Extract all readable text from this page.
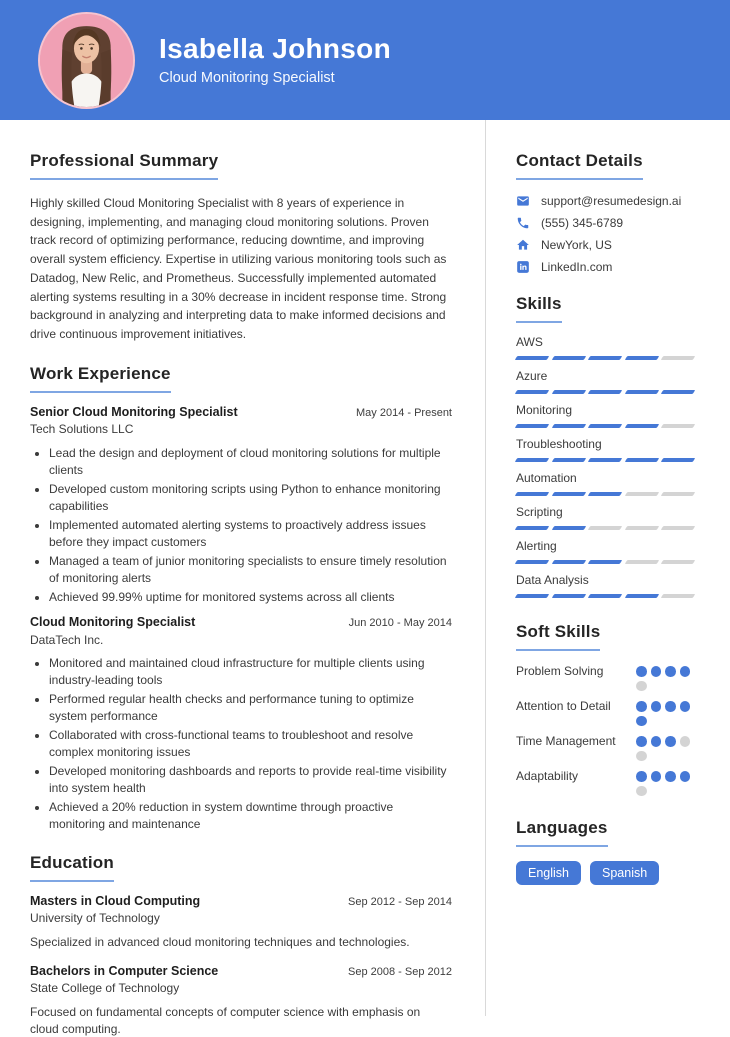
Isabella Johnson
Cloud Monitoring Specialist
Professional Summary

Highly skilled Cloud Monitoring Specialist with 8 years of experience in designing, implementing, and managing cloud monitoring solutions. Proven track record of optimizing performance, reducing downtime, and improving overall system efficiency. Expertise in utilizing various monitoring tools such as Datadog, New Relic, and Prometheus. Successfully implemented automated alerting systems resulting in a 30% decrease in incident response time. Strong background in analyzing and interpreting data to make informed decisions and drive continuous improvement initiatives.

Work Experience
Senior Cloud Monitoring Specialist	May 2014 - Present
Tech Solutions LLC
• Lead the design and deployment of cloud monitoring solutions for multiple clients
• Developed custom monitoring scripts using Python to enhance monitoring capabilities
• Implemented automated alerting systems to proactively address issues before they impact customers
• Managed a team of junior monitoring specialists to ensure timely resolution of monitoring alerts
• Achieved 99.99% uptime for monitored systems across all clients
Cloud Monitoring Specialist	Jun 2010 - May 2014
DataTech Inc.
• Monitored and maintained cloud infrastructure for multiple clients using industry-leading tools
• Performed regular health checks and performance tuning to optimize system performance
• Collaborated with cross-functional teams to troubleshoot and resolve complex monitoring issues
• Developed monitoring dashboards and reports to provide real-time visibility into system health
• Achieved a 20% reduction in system downtime through proactive monitoring and maintenance
Education
Masters in Cloud Computing	Sep 2012 - Sep 2014
University of Technology

Specialized in advanced cloud monitoring techniques and technologies.

Bachelors in Computer Science	Sep 2008 - Sep 2012
State College of Technology

Focused on fundamental concepts of computer science with emphasis on cloud computing.

Contact Details
support@resumedesign.ai
(555) 345-6789
NewYork, US
LinkedIn.com
Skills
AWS
Azure
Monitoring
Troubleshooting
Automation
Scripting
Alerting
Data Analysis
Soft Skills
Problem Solving
Attention to Detail
Time Management
Adaptability
Languages
English	Spanish
